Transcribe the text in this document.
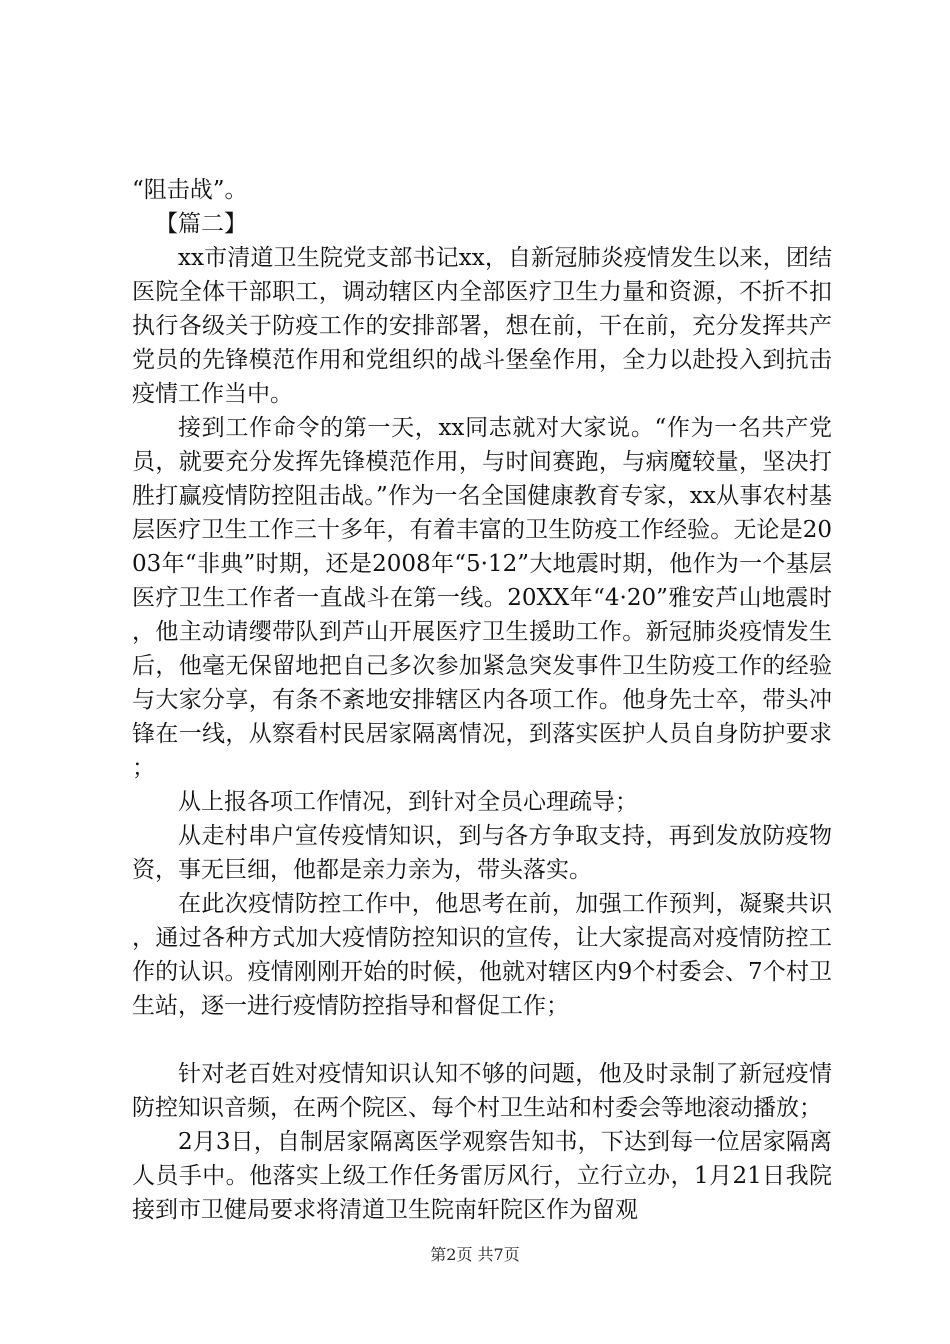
“阻击战”。

【篇二】

xx市清道卫生院党支部书记xx，自新冠肺炎疫情发生以来，团结医院全体干部职工，调动辖区内全部医疗卫生力量和资源，不折不扣执行各级关于防疫工作的安排部署，想在前，干在前，充分发挥共产党员的先锋模范作用和党组织的战斗堡垒作用，全力以赴投入到抗击疫情工作当中。

接到工作命令的第一天，xx同志就对大家说。“作为一名共产党员，就要充分发挥先锋模范作用，与时间赛跑，与病魔较量，坚决打胜打赢疫情防控阻击战。”作为一名全国健康教育专家，xx从事农村基层医疗卫生工作三十多年，有着丰富的卫生防疫工作经验。无论是2003年“非典”时期，还是2008年“5·12”大地震时期，他作为一个基层医疗卫生工作者一直战斗在第一线。20XX年“4·20”雅安芦山地震时，他主动请缨带队到芦山开展医疗卫生援助工作。新冠肺炎疫情发生后，他毫无保留地把自己多次参加紧急突发事件卫生防疫工作的经验与大家分享，有条不紊地安排辖区内各项工作。他身先士卒，带头冲锋在一线，从察看村民居家隔离情况，到落实医护人员自身防护要求；

从上报各项工作情况，到针对全员心理疏导；

从走村串户宣传疫情知识，到与各方争取支持，再到发放防疫物资，事无巨细，他都是亲力亲为，带头落实。

在此次疫情防控工作中，他思考在前，加强工作预判，凝聚共识，通过各种方式加大疫情防控知识的宣传，让大家提高对疫情防控工作的认识。疫情刚刚开始的时候，他就对辖区内9个村委会、7个村卫生站，逐一进行疫情防控指导和督促工作；

针对老百姓对疫情知识认知不够的问题，他及时录制了新冠疫情防控知识音频，在两个院区、每个村卫生站和村委会等地滚动播放；

2月3日，自制居家隔离医学观察告知书，下达到每一位居家隔离人员手中。他落实上级工作任务雷厉风行，立行立办，1月21日我院接到市卫健局要求将清道卫生院南轩院区作为留观

第2页 共7页
